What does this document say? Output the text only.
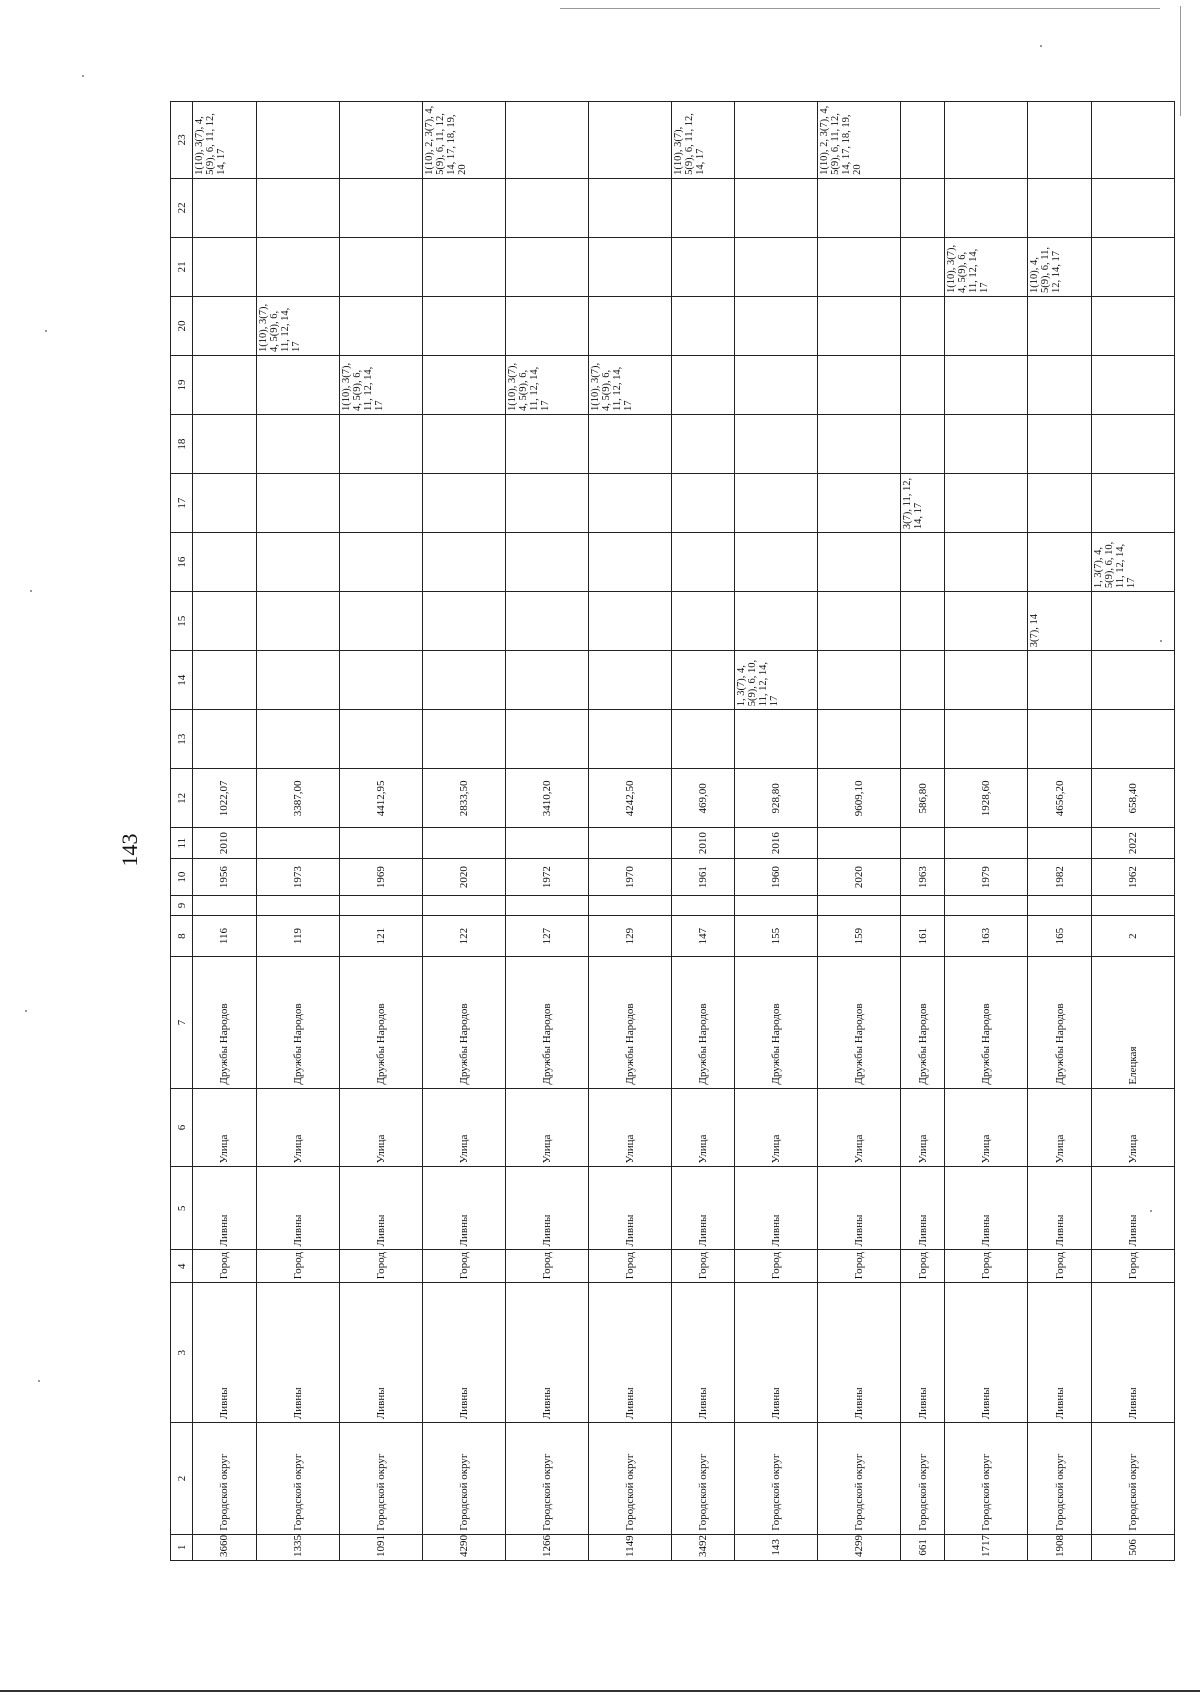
143
1	2	3	4	5	6	7	8	9	10	11	12	13	14	15	16	17	18	19	20	21	22	23
3660	Городской округ	Ливны	Город	Ливны	Улица	Дружбы Народов	116		1956	2010	1022,07											1(10), 3(7), 4, 5(9), 6, 11, 12, 14, 17
1335	Городской округ	Ливны	Город	Ливны	Улица	Дружбы Народов	119		1973		3387,00								1(10), 3(7), 4, 5(9), 6, 11, 12, 14, 17			
1091	Городской округ	Ливны	Город	Ливны	Улица	Дружбы Народов	121		1969		4412,95							1(10), 3(7), 4, 5(9), 6, 11, 12, 14, 17				
4290	Городской округ	Ливны	Город	Ливны	Улица	Дружбы Народов	122		2020		2833,50											1(10), 2, 3(7), 4, 5(9), 6, 11, 12, 14, 17, 18, 19, 20
1266	Городской округ	Ливны	Город	Ливны	Улица	Дружбы Народов	127		1972		3410,20							1(10), 3(7), 4, 5(9), 6, 11, 12, 14, 17				
1149	Городской округ	Ливны	Город	Ливны	Улица	Дружбы Народов	129		1970		4242,50							1(10), 3(7), 4, 5(9), 6, 11, 12, 14, 17				
3492	Городской округ	Ливны	Город	Ливны	Улица	Дружбы Народов	147		1961	2010	469,00											1(10), 3(7), 5(9), 6, 11, 12, 14, 17
143	Городской округ	Ливны	Город	Ливны	Улица	Дружбы Народов	155		1960	2016	928,80		1, 3(7), 4, 5(9), 6, 10, 11, 12, 14, 17									
4299	Городской округ	Ливны	Город	Ливны	Улица	Дружбы Народов	159		2020		9609,10											1(10), 2, 3(7), 4, 5(9), 6, 11, 12, 14, 17, 18, 19, 20
661	Городской округ	Ливны	Город	Ливны	Улица	Дружбы Народов	161		1963		586,80					3(7), 11, 12, 14, 17						
1717	Городской округ	Ливны	Город	Ливны	Улица	Дружбы Народов	163		1979		1928,60									1(10), 3(7), 4, 5(9), 6, 11, 12, 14, 17		
1908	Городской округ	Ливны	Город	Ливны	Улица	Дружбы Народов	165		1982		4656,20			3(7), 14						1(10), 4, 5(9), 6, 11, 12, 14, 17		
506	Городской округ	Ливны	Город	Ливны	Улица	Елецкая	2		1962	2022	658,40				1, 3(7), 4, 5(9), 6, 10, 11, 12, 14, 17							
